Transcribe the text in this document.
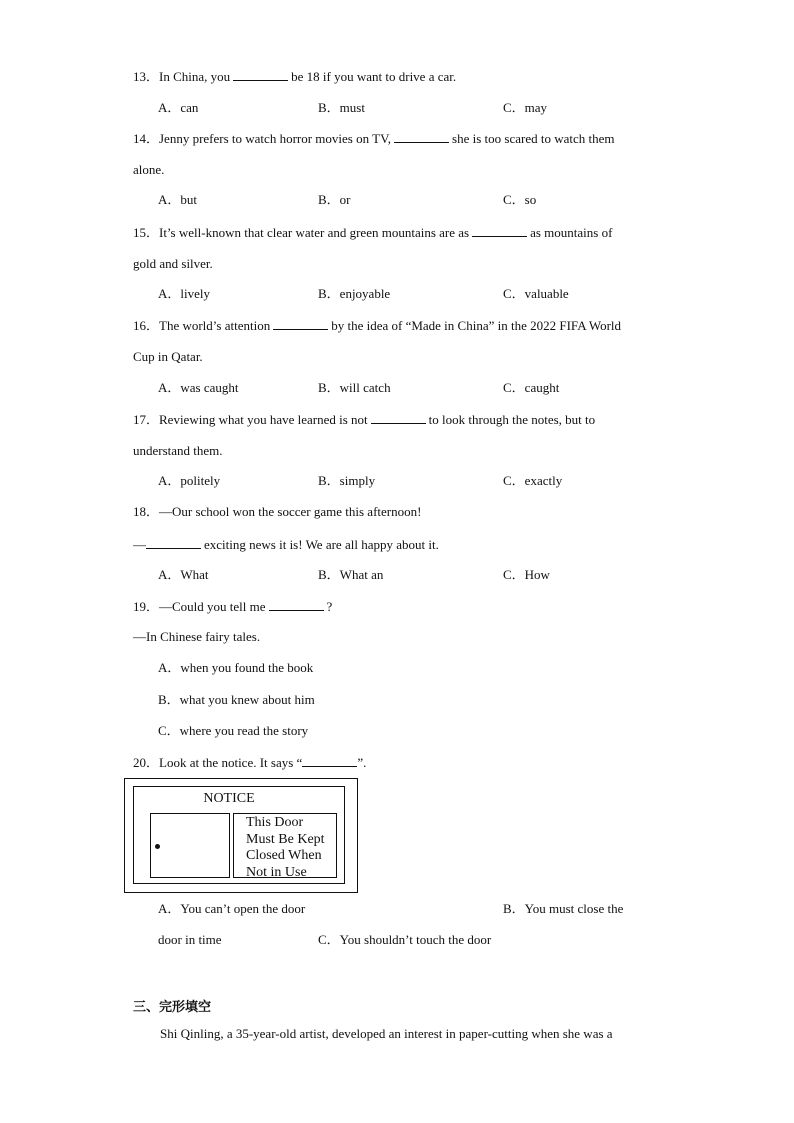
13．In China, you	be 18 if you want to drive a car.
A．can	B．must	C．may
14．Jenny prefers to watch horror movies on TV,	she is too scared to watch them
alone.
A．but	B．or	C．so
15．It’s well-known that clear water and green mountains are as	as mountains of
gold and silver.
A．lively	B．enjoyable	C．valuable
16．The world’s attention	by the idea of “Made in China” in the 2022 FIFA World
Cup in Qatar.
A．was caught	B．will catch	C．caught
17．Reviewing what you have learned is not	to look through the notes, but to
understand them.
A．politely	B．simply	C．exactly
18．—Our school won the soccer game this afternoon!
—	exciting news it is! We are all happy about it.
A．What	B．What an	C．How
19．—Could you tell me	?
—In Chinese fairy tales.
A．when you found the book
B．what you knew about him
C．where you read the story
20．Look at the notice. It says “	”.
NOTICE
This Door
Must Be Kept
Closed When
Not in Use
A．You can’t open the door	B．You must close the
door in time	C．You shouldn’t touch the door
三、完形填空
Shi Qinling, a 35-year-old artist, developed an interest in paper-cutting when she was a
